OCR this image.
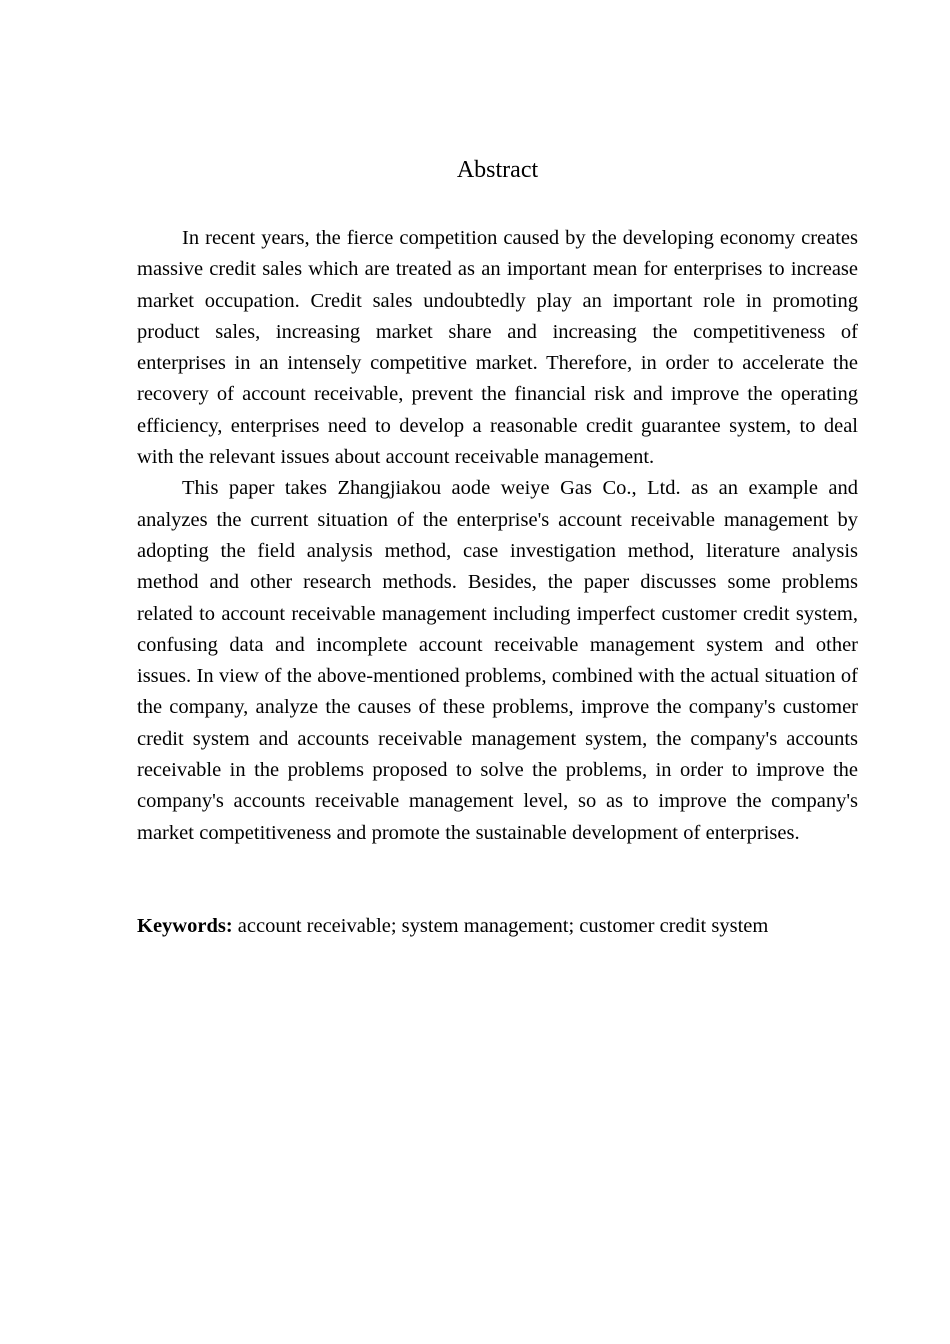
Abstract

In recent years, the fierce competition caused by the developing economy creates massive credit sales which are treated as an important mean for enterprises to increase market occupation. Credit sales undoubtedly play an important role in promoting product sales, increasing market share and increasing the competitiveness of enterprises in an intensely competitive market. Therefore, in order to accelerate the recovery of account receivable, prevent the financial risk and improve the operating efficiency, enterprises need to develop a reasonable credit guarantee system, to deal with the relevant issues about account receivable management.

This paper takes Zhangjiakou aode weiye Gas Co., Ltd. as an example and analyzes the current situation of the enterprise's account receivable management by adopting the field analysis method, case investigation method, literature analysis method and other research methods. Besides, the paper discusses some problems related to account receivable management including imperfect customer credit system, confusing data and incomplete account receivable management system and other issues. In view of the above-mentioned problems, combined with the actual situation of the company, analyze the causes of these problems, improve the company's customer credit system and accounts receivable management system, the company's accounts receivable in the problems proposed to solve the problems, in order to improve the company's accounts receivable management level, so as to improve the company's market competitiveness and promote the sustainable development of enterprises.

Keywords: account receivable; system management; customer credit system
